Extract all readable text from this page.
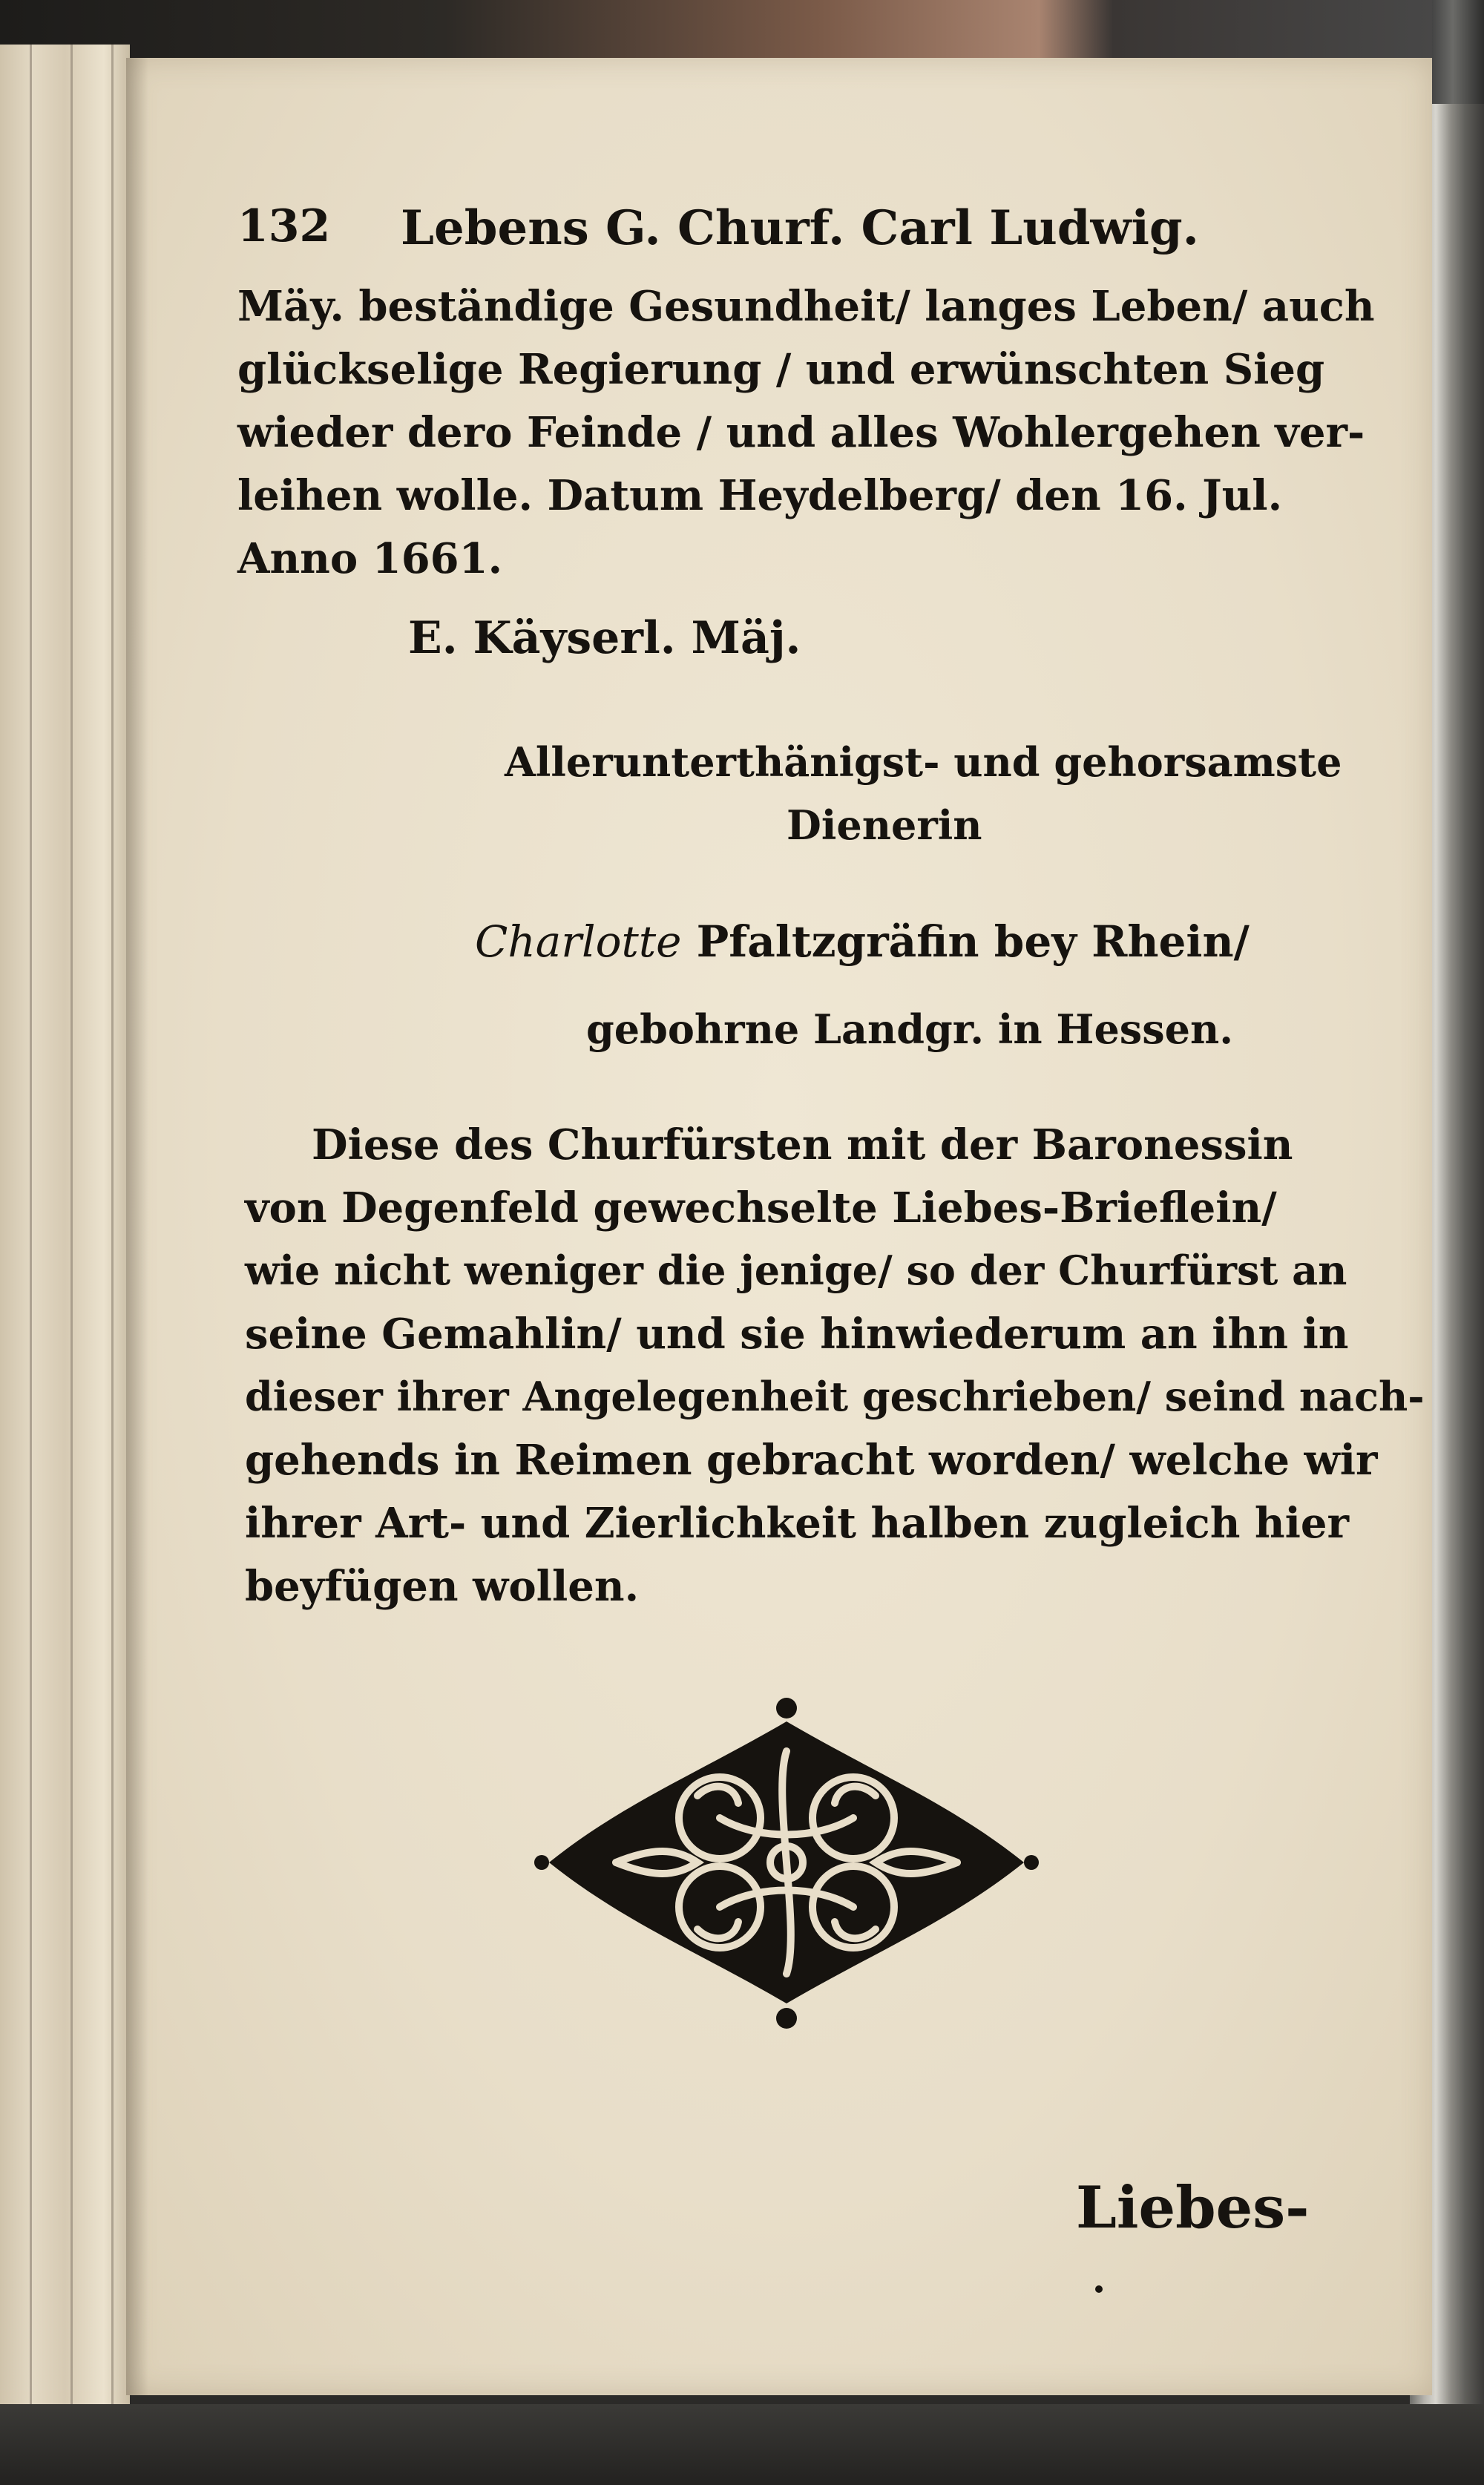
132 Lebens G. Churf. Carl Ludwig.
Mäy. beständige Gesundheit/ langes Leben/ auch
glückselige Regierung / und erwünschten Sieg
wieder dero Feinde / und alles Wohlergehen ver-
leihen wolle. Datum Heydelberg/ den 16. Jul.
Anno 1661.
E. Käyserl. Mäj.
Allerunterthänigst- und gehorsamste
Dienerin
Charlotte Pfaltzgräfin bey Rhein/
gebohrne Landgr. in Hessen.
Diese des Churfürsten mit der Baronessin
von Degenfeld gewechselte Liebes-Brieflein/
wie nicht weniger die jenige/ so der Churfürst an
seine Gemahlin/ und sie hinwiederum an ihn in
dieser ihrer Angelegenheit geschrieben/ seind nach-
gehends in Reimen gebracht worden/ welche wir
ihrer Art- und Zierlichkeit halben zugleich hier
beyfügen wollen.
Liebes-
